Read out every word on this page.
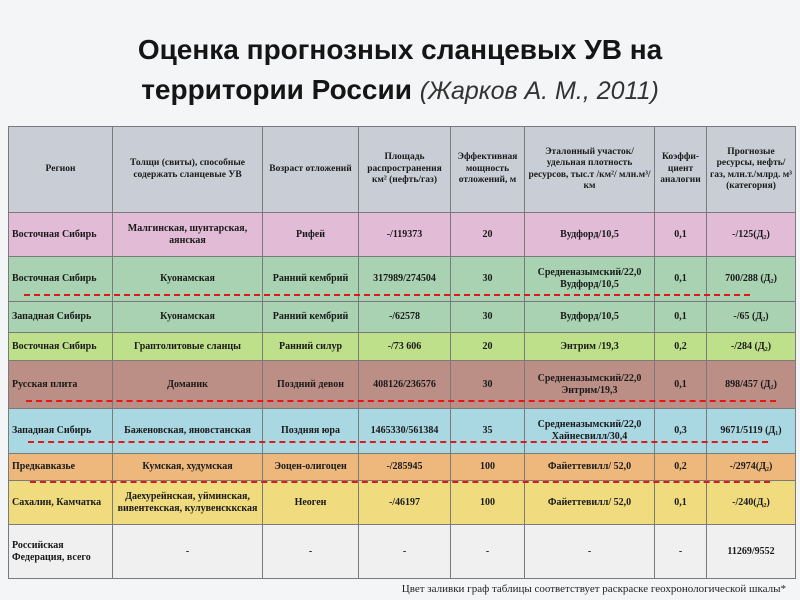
Оценка прогнозных сланцевых УВ на
территории России (Жарков А. М., 2011)
Регион	Толщи (свиты), способные содержать сланцевые УВ	Возраст отложений	Площадь распространения км² (нефть/газ)	Эффективная мощность отложений, м	Эталонный участок/ удельная плотность ресурсов, тыс.т /км²/ млн.м³/км	Коэффи- циент аналогии	Прогнозые ресурсы, нефть/газ, млн.т./млрд. м³ (категория)
Восточная Сибирь	Малгинская, шунтарская, аянская	Рифей	-/119373	20	Вудфорд/10,5	0,1	-/125(Д₂)
Восточная Сибирь	Куонамская	Ранний кембрий	317989/274504	30	Средненазымский/22,0 Вудфорд/10,5	0,1	700/288 (Д₂)
Западная Сибирь	Куонамская	Ранний кембрий	-/62578	30	Вудфорд/10,5	0,1	-/65 (Д₂)
Восточная Сибирь	Граптолитовые сланцы	Ранний силур	-/73 606	20	Энтрим /19,3	0,2	-/284 (Д₂)
Русская плита	Доманик	Поздний девон	408126/236576	30	Средненазымский/22,0 Энтрим/19,3	0,1	898/457 (Д₂)
Западная Сибирь	Баженовская, яновстанская	Поздняя юра	1465330/561384	35	Средненазымский/22,0 Хайнесвилл/30,4	0,3	9671/5119 (Д₁)
Предкавказье	Кумская, худумская	Эоцен-олигоцен	-/285945	100	Файеттевилл/ 52,0	0,2	-/2974(Д₂)
Сахалин, Камчатка	Даехурейнская, уйминская, вивентекская, кулувенсккская	Неоген	-/46197	100	Файеттевилл/ 52,0	0,1	-/240(Д₂)
Российская Федерация, всего	-	-	-	-	-	-	11269/9552
Цвет заливки граф таблицы соответствует раскраске геохронологической шкалы*
